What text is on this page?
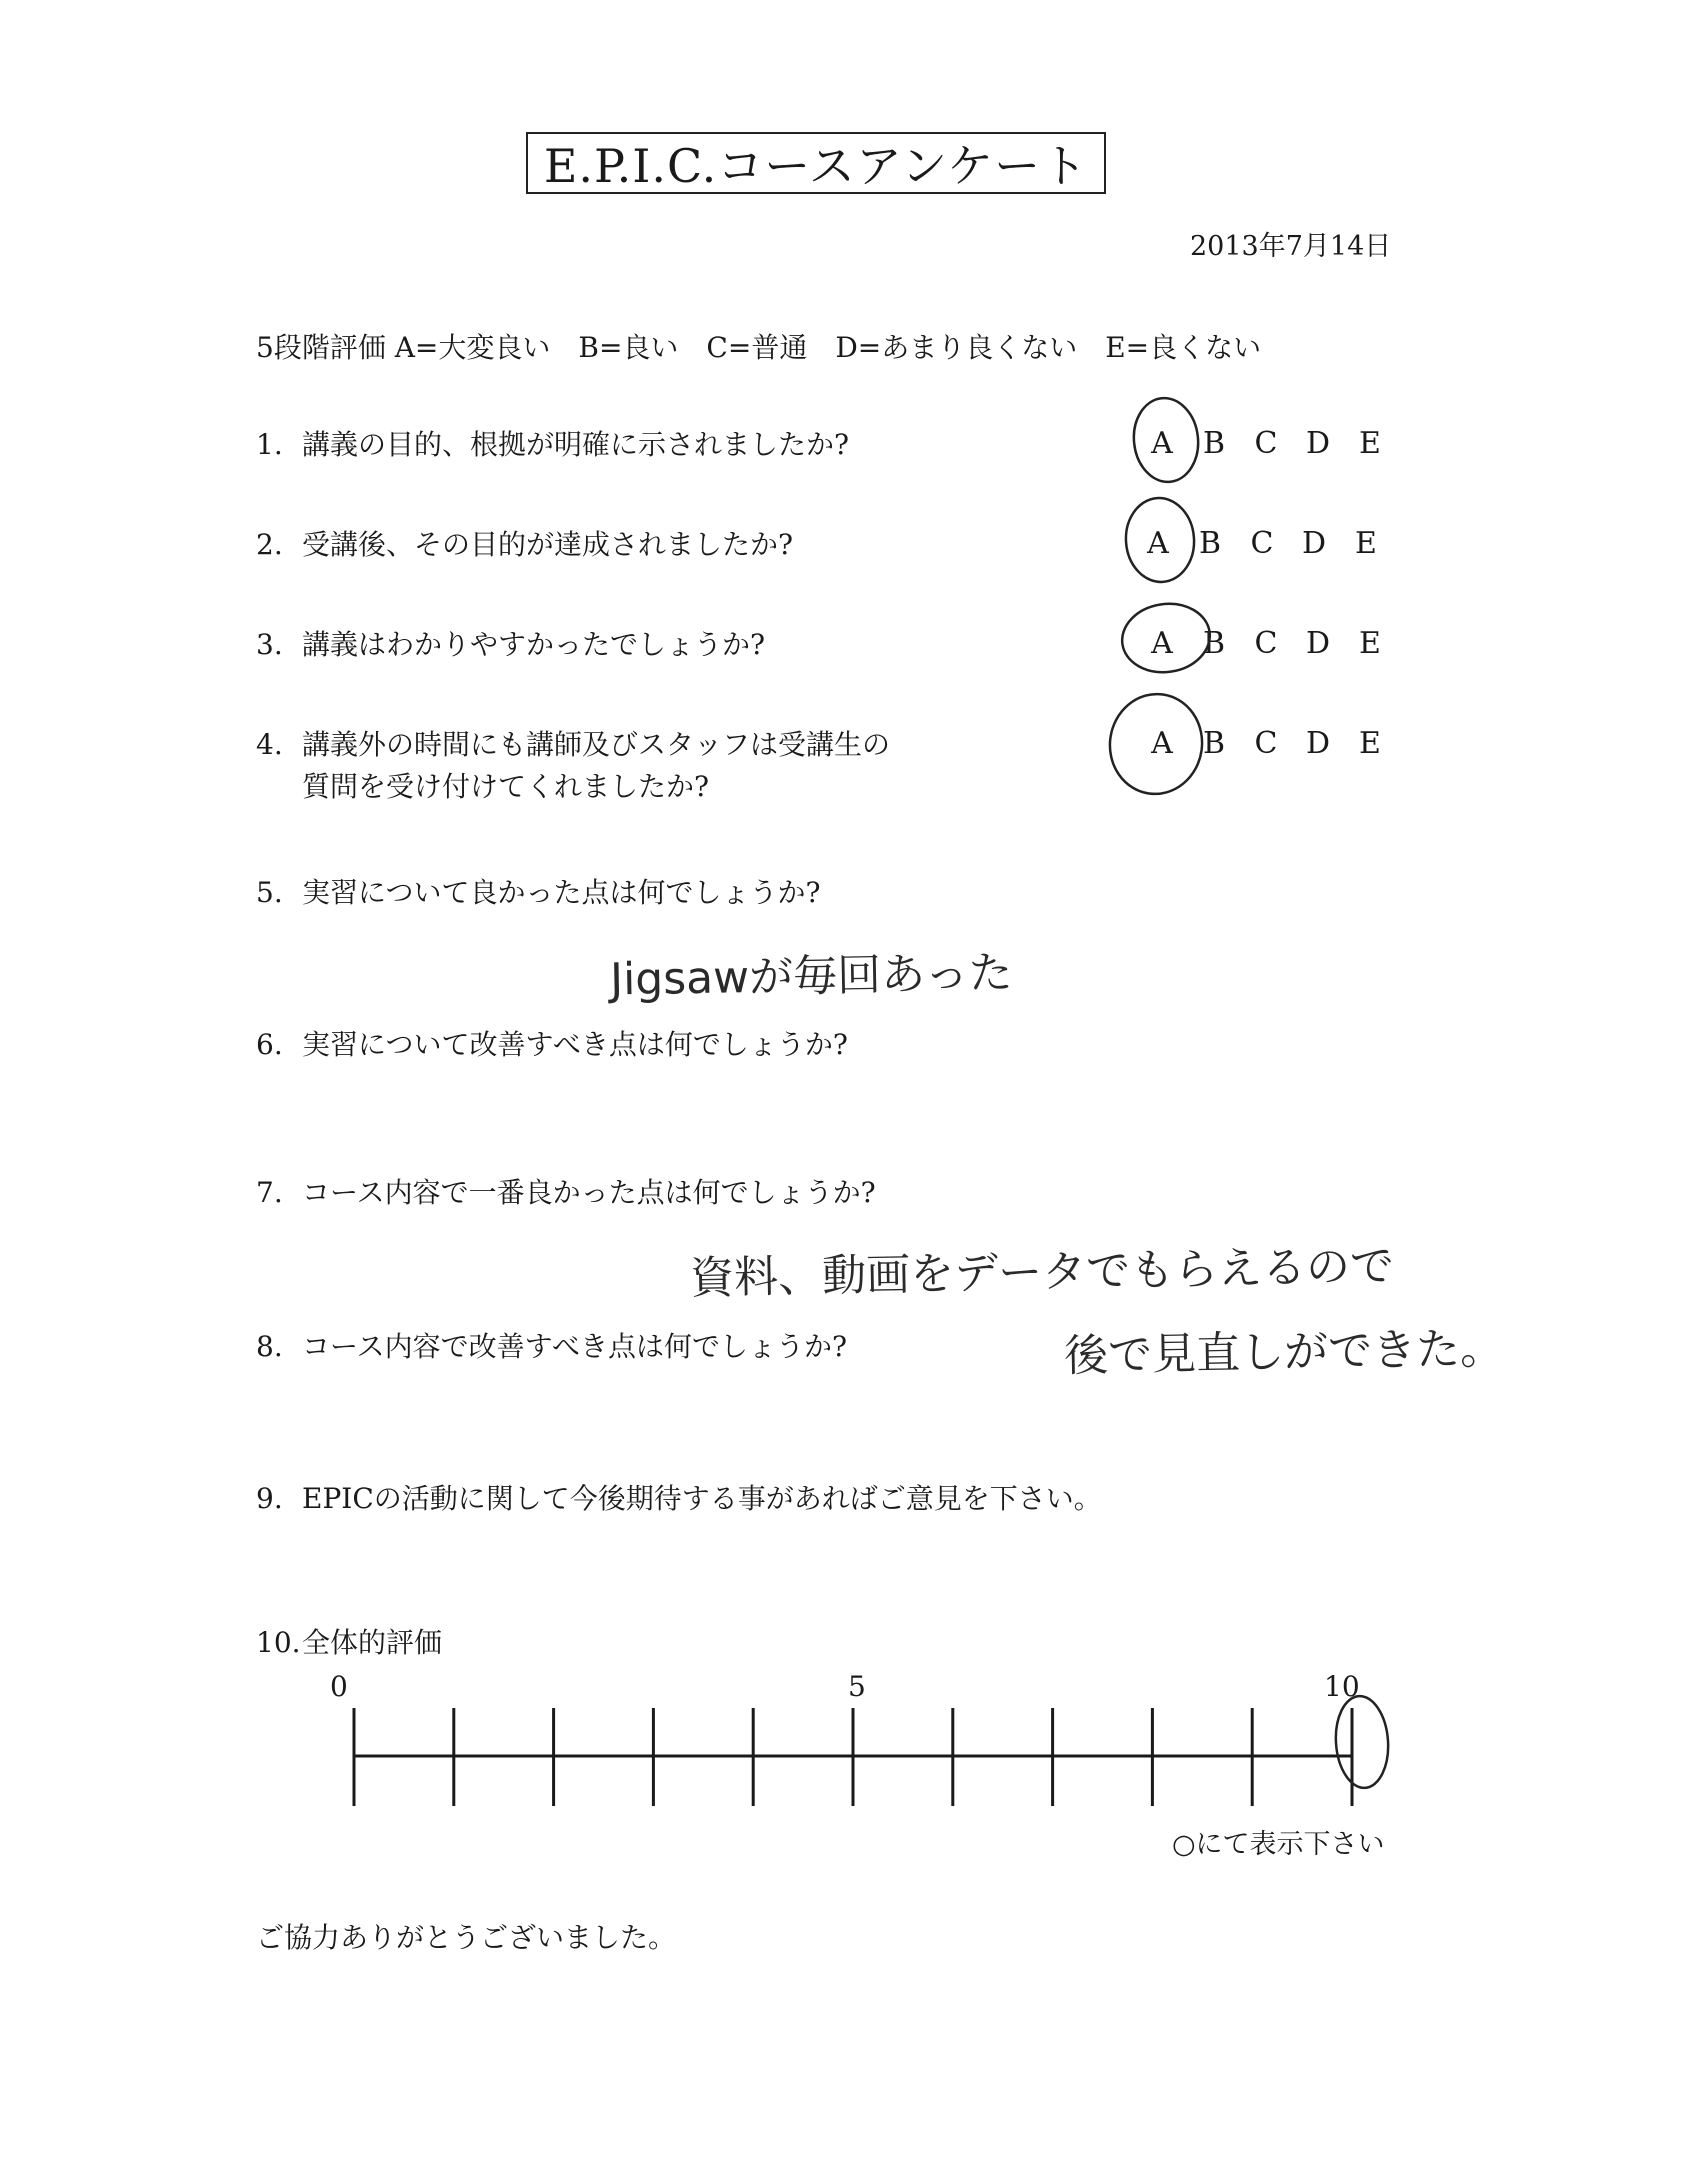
E.P.I.C.コースアンケート
2013年7月14日
5段階評価 A=大変良い　B=良い　C=普通　D=あまり良くない　E=良くない
1. 講義の目的、根拠が明確に示されましたか?	A B C D E
2. 受講後、その目的が達成されましたか?	A B C D E
3. 講義はわかりやすかったでしょうか?	A B C D E
4. 講義外の時間にも講師及びスタッフは受講生の
質問を受け付けてくれましたか?
A B C D E
5. 実習について良かった点は何でしょうか?
Jigsawが毎回あった
6. 実習について改善すべき点は何でしょうか?
7. コース内容で一番良かった点は何でしょうか?
資料、動画をデータでもらえるので
後で見直しができた。
8. コース内容で改善すべき点は何でしょうか?
9. EPICの活動に関して今後期待する事があればご意見を下さい。
10.全体的評価
0	5	10
○にて表示下さい
ご協力ありがとうございました。
